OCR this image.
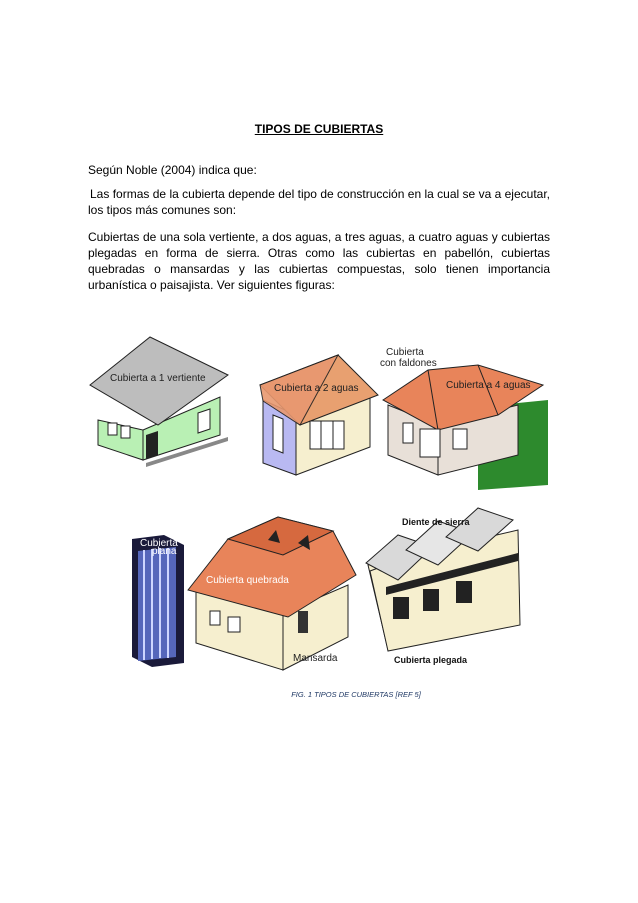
TIPOS DE CUBIERTAS
Según Noble (2004) indica que:
Las formas de la cubierta depende del tipo de construcción en la cual se va a ejecutar, los tipos más comunes son:
Cubiertas de una sola vertiente, a dos aguas, a tres aguas, a cuatro aguas y cubiertas plegadas en forma de sierra. Otras como las cubiertas en pabellón, cubiertas quebradas o mansardas y las cubiertas compuestas, solo tienen importancia urbanística o paisajista. Ver siguientes figuras:
Cubierta a 1 vertiente
Cubierta a 2 aguas
Cubierta
con faldones
Cubierta a 4 aguas
Cubierta
plana
Cubierta quebrada
Mansarda
Diente de sierra
Cubierta plegada
FIG. 1 TIPOS DE CUBIERTAS [REF 5]
